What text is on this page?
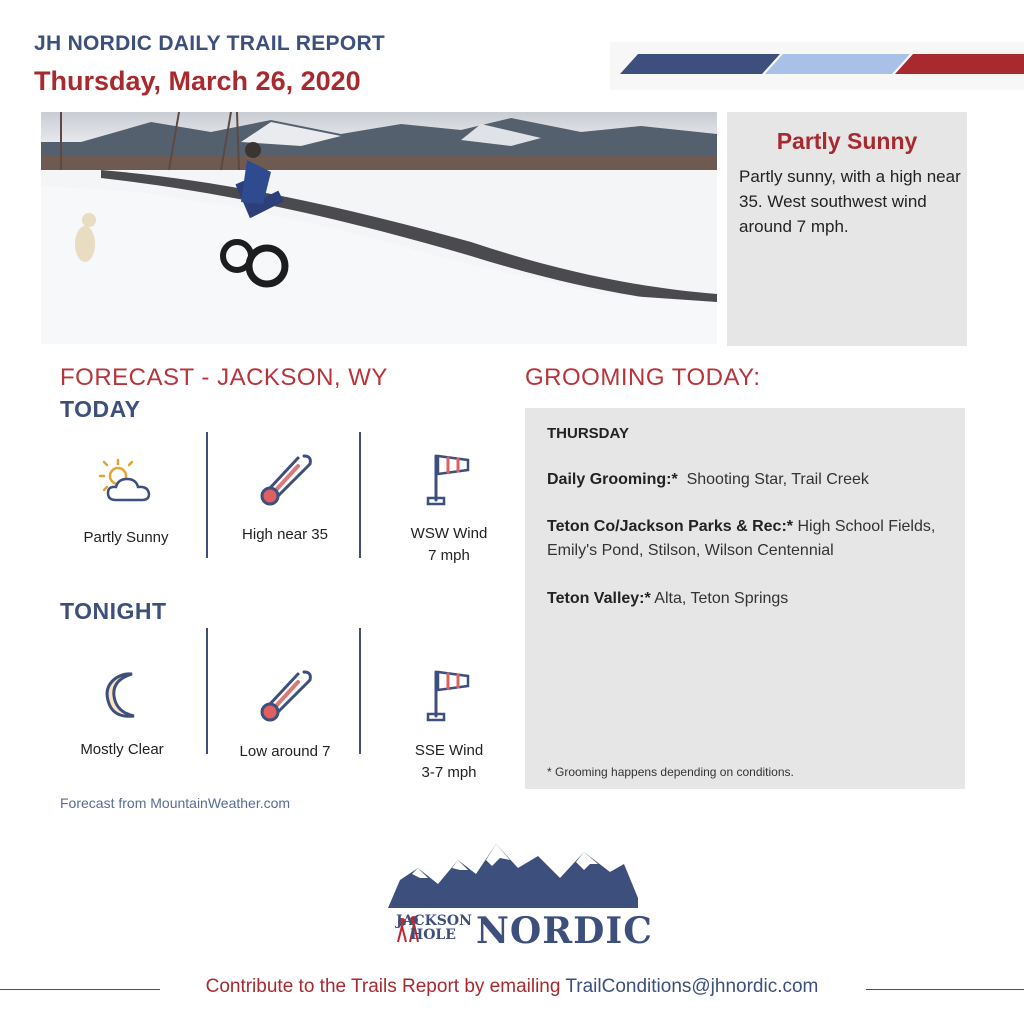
JH NORDIC DAILY TRAIL REPORT
Thursday, March 26, 2020
Partly Sunny
Partly sunny, with a high near 35. West southwest wind around 7 mph.
FORECAST - JACKSON, WY
TODAY
Partly Sunny	High near 35	WSW Wind
7 mph
TONIGHT
Mostly Clear	Low around 7	SSE Wind
3-7 mph
Forecast from MountainWeather.com
GROOMING TODAY:
THURSDAY
Daily Grooming:* Shooting Star, Trail Creek
Teton Co/Jackson Parks & Rec:* High School Fields, Emily's Pond, Stilson, Wilson Centennial
Teton Valley:* Alta, Teton Springs
* Grooming happens depending on conditions.
JACKSON
HOLE NORDIC
Contribute to the Trails Report by emailing TrailConditions@jhnordic.com
